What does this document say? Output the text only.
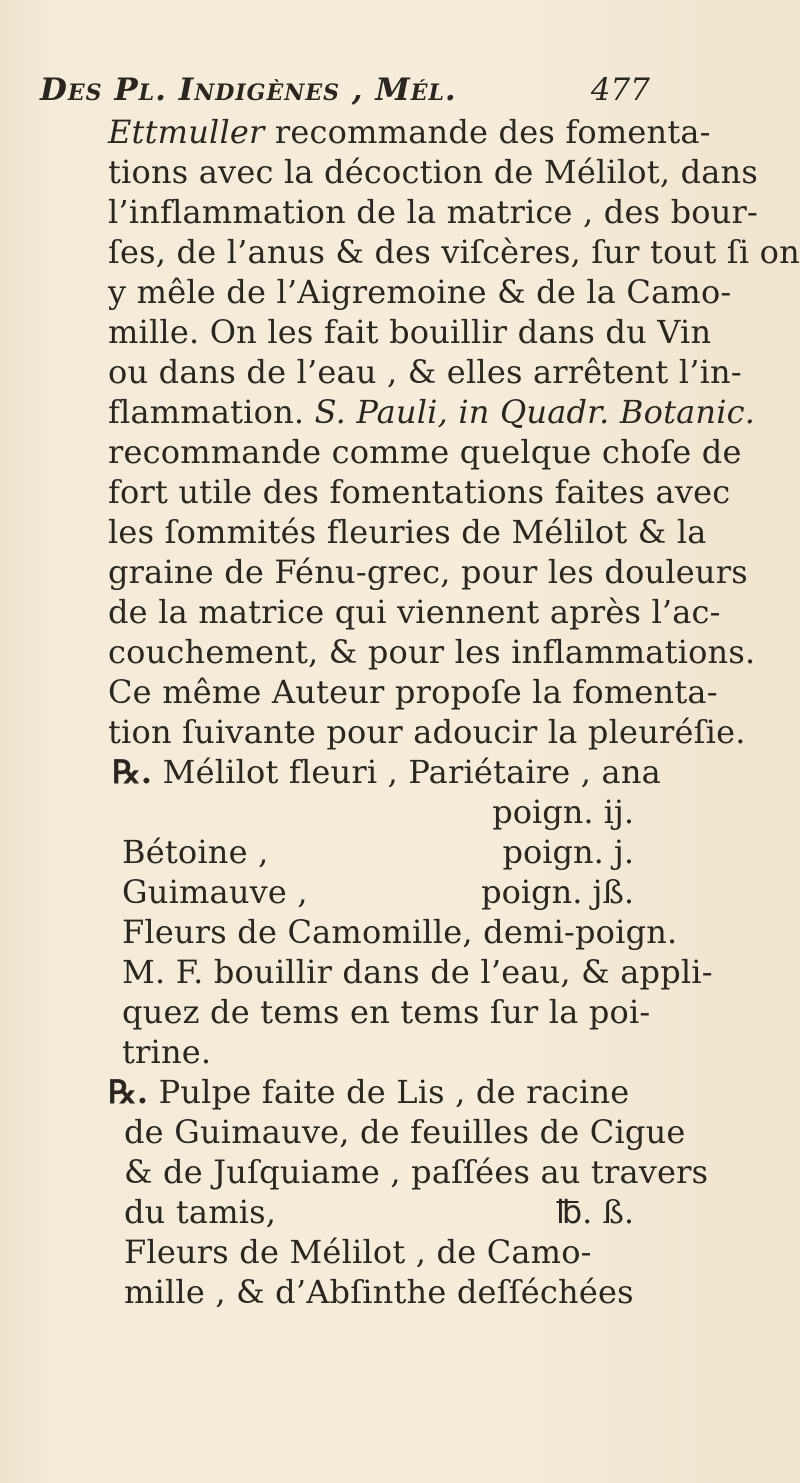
Des Pl. Indigènes , Mél.	477
Ettmuller recommande des fomenta-
tions avec la décoction de Mélilot, dans
l’inflammation de la matrice , des bour-
ſes, de l’anus & des viſcères, ſur tout ſi on
y mêle de l’Aigremoine & de la Camo-
mille. On les fait bouillir dans du Vin
ou dans de l’eau , & elles arrêtent l’in-
flammation. S. Pauli, in Quadr. Botanic.
recommande comme quelque choſe de
fort utile des fomentations faites avec
les ſommités fleuries de Mélilot & la
graine de Fénu-grec, pour les douleurs
de la matrice qui viennent après l’ac-
couchement, & pour les inflammations.
Ce même Auteur propoſe la fomenta-
tion ſuivante pour adoucir la pleuréſie.
℞. Mélilot fleuri , Pariétaire , ana
poign. ij.
Bétoine ,	poign. j.
Guimauve ,	poign. jß.
Fleurs de Camomille, demi-poign.
M. F. bouillir dans de l’eau, & appli-
quez de tems en tems ſur la poi-
trine.
℞. Pulpe faite de Lis , de racine
de Guimauve, de feuilles de Cigue
& de Juſquiame , paſſées au travers
du tamis,	℔. ß.
Fleurs de Mélilot , de Camo-
mille , & d’Abſinthe deſſéchées
